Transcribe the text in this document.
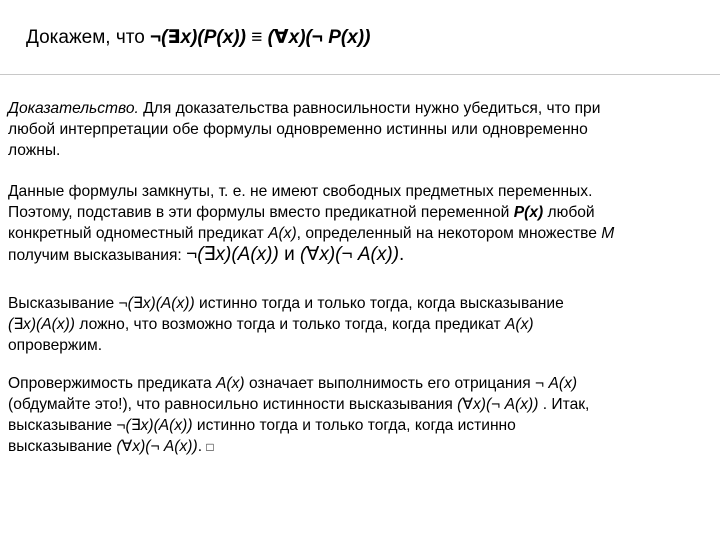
Докажем, что ¬(∃x)(P(x)) ≡ (∀x)(¬ P(x))
Доказательство. Для доказательства равносильности нужно убедиться, что при
любой интерпретации обе формулы одновременно истинны или одновременно
ложны.
Данные формулы замкнуты, т. е. не имеют свободных предметных переменных.
Поэтому, подставив в эти формулы вместо предикатной переменной P(x) любой
конкретный одноместный предикат A(x), определенный на некотором множестве M
получим высказывания: ¬(∃x)(A(x)) и (∀x)(¬ A(x)).
Высказывание ¬(∃x)(A(x)) истинно тогда и только тогда, когда высказывание
(∃x)(A(x)) ложно, что возможно тогда и только тогда, когда предикат A(x)
опровержим.
Опровержимость предиката A(x) означает выполнимость его отрицания ¬ A(x)
(обдумайте это!), что равносильно истинности высказывания (∀x)(¬ A(x)) . Итак,
высказывание ¬(∃x)(A(x)) истинно тогда и только тогда, когда истинно
высказывание (∀x)(¬ A(x)). □
